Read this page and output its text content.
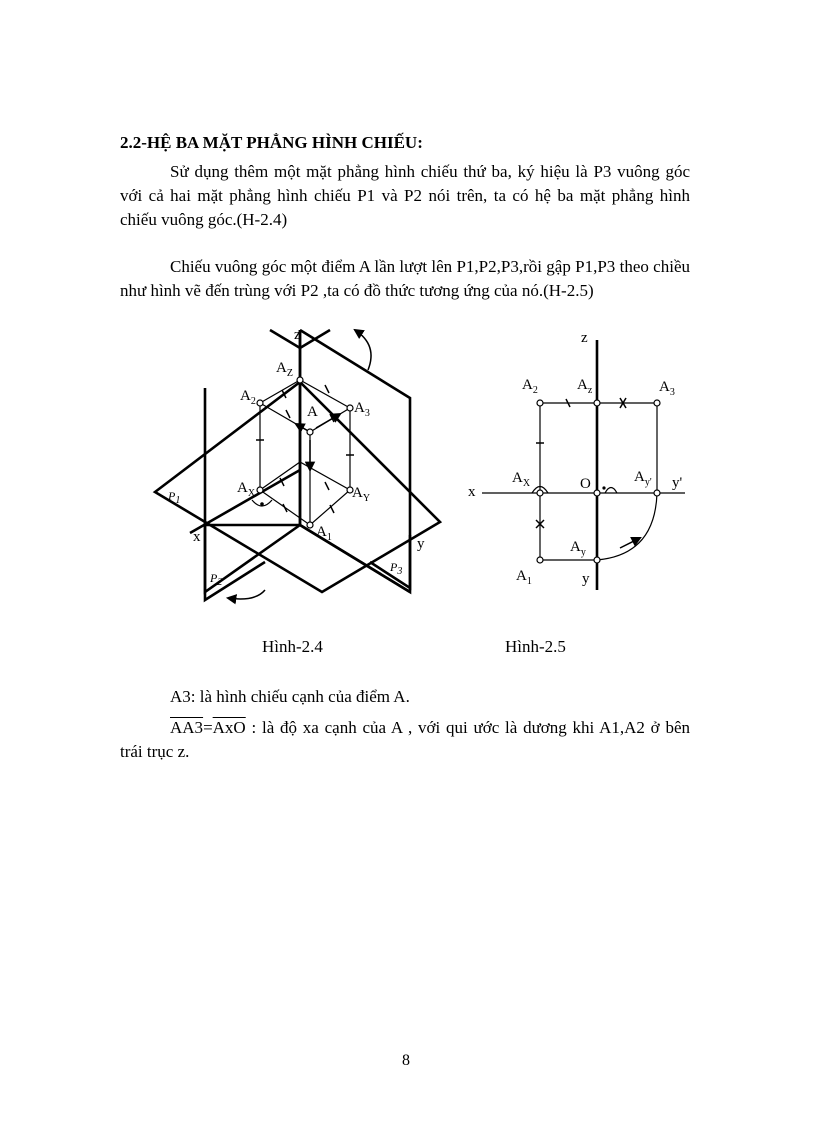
2.2-HỆ BA MẶT PHẲNG HÌNH CHIẾU:
Sử dụng thêm một mặt phẳng hình chiếu thứ ba, ký hiệu là P3 vuông góc với cả hai mặt phẳng hình chiếu P1 và P2 nói trên, ta có hệ ba mặt phẳng hình chiếu vuông góc.(H-2.4)
Chiếu vuông góc một điểm A lần lượt lên P1,P2,P3,rồi gập P1,P3 theo chiều như hình vẽ đến trùng với P2 ,ta có đồ thức tương ứng của nó.(H-2.5)
z
x	y
$A_Z$
$A_2$
A $A_3$
$A_X$	$A_Y$
$A_1$
$P_1$
$P_2$
$P_3$
z
x
y
y'
O
$A_2$	$A_z$	$A_3$
$A_X$	$A_{y'}$
$A_y$
$A_1$
Hình-2.4	Hình-2.5
A3: là hình chiếu cạnh của điểm A.
$AA3=\overline{AxO}$ : là độ xa cạnh của A , với qui ước là dương khi A1,A2 ở bên trái trục z.
8
